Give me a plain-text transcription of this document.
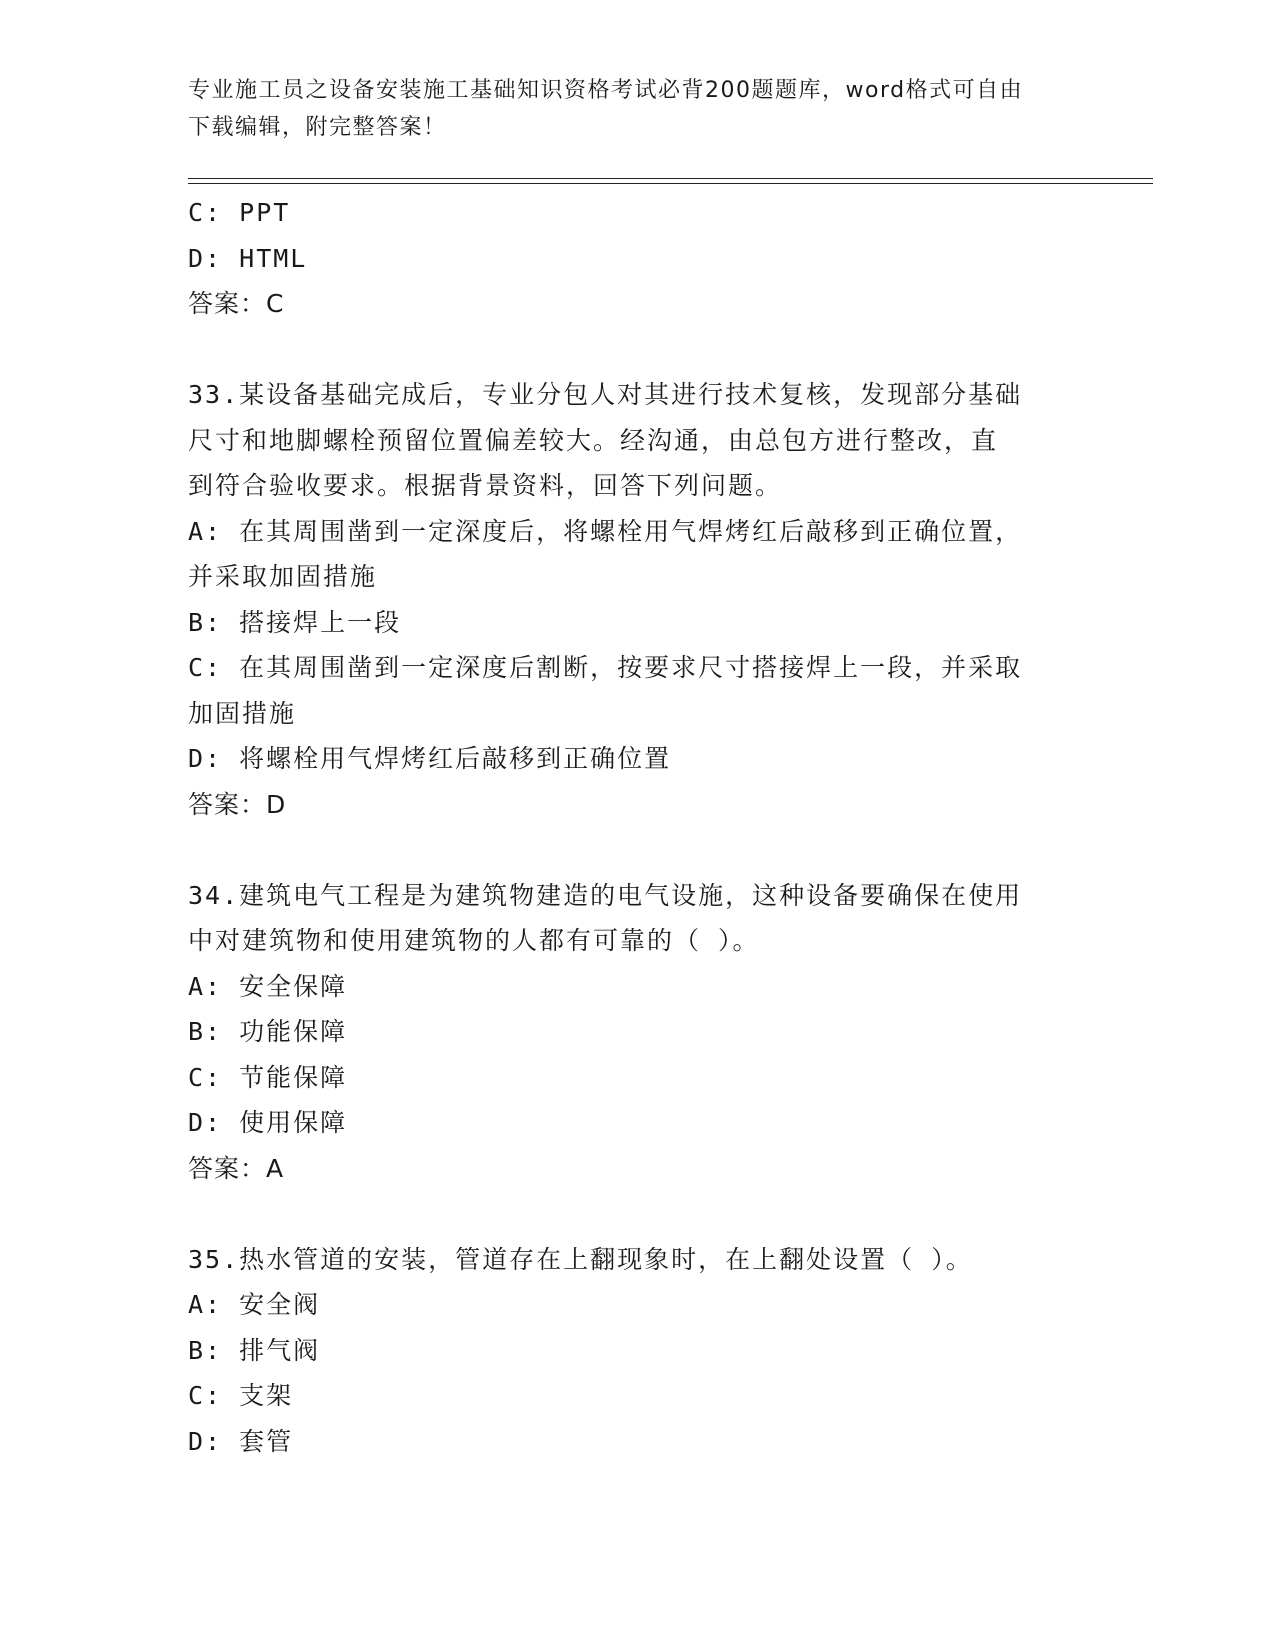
专业施工员之设备安装施工基础知识资格考试必背200题题库，word格式可自由
下载编辑，附完整答案！
C: PPT
D: HTML
答案：C
33.某设备基础完成后，专业分包人对其进行技术复核，发现部分基础
尺寸和地脚螺栓预留位置偏差较大。经沟通，由总包方进行整改，直
到符合验收要求。根据背景资料，回答下列问题。
A: 在其周围凿到一定深度后，将螺栓用气焊烤红后敲移到正确位置，
并采取加固措施
B: 搭接焊上一段
C: 在其周围凿到一定深度后割断，按要求尺寸搭接焊上一段，并采取
加固措施
D: 将螺栓用气焊烤红后敲移到正确位置
答案：D
34.建筑电气工程是为建筑物建造的电气设施，这种设备要确保在使用
中对建筑物和使用建筑物的人都有可靠的（ ）。
A: 安全保障
B: 功能保障
C: 节能保障
D: 使用保障
答案：A
35.热水管道的安装，管道存在上翻现象时，在上翻处设置（ ）。
A: 安全阀
B: 排气阀
C: 支架
D: 套管
